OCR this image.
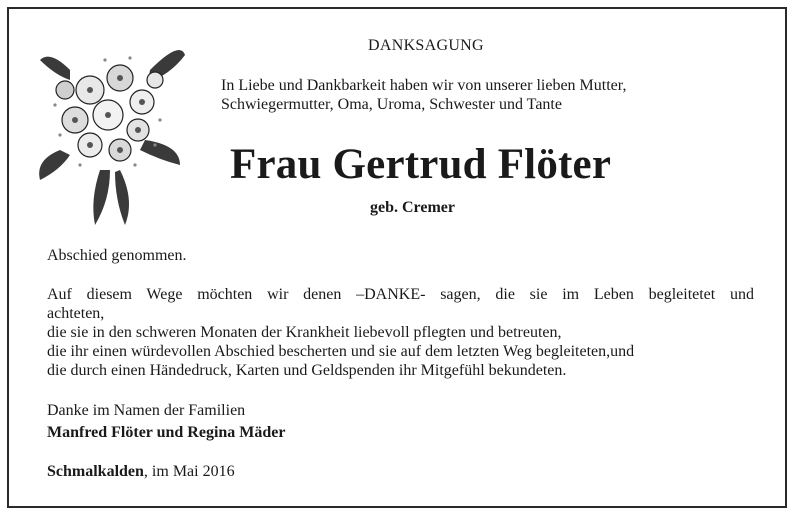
DANKSAGUNG
In Liebe und Dankbarkeit haben wir von unserer lieben Mutter,
Schwiegermutter, Oma, Uroma, Schwester und Tante
Frau Gertrud Flöter
geb. Cremer
Abschied genommen.
Auf diesem Wege möchten wir denen –DANKE- sagen, die sie im Leben begleitetet und
achteten,
die sie in den schweren Monaten der Krankheit liebevoll pflegten und betreuten,
die ihr einen würdevollen Abschied bescherten und sie auf dem letzten Weg begleiteten,und
die durch einen Händedruck, Karten und Geldspenden ihr Mitgefühl bekundeten.
Danke im Namen der Familien
Manfred Flöter und Regina Mäder
Schmalkalden, im Mai 2016
